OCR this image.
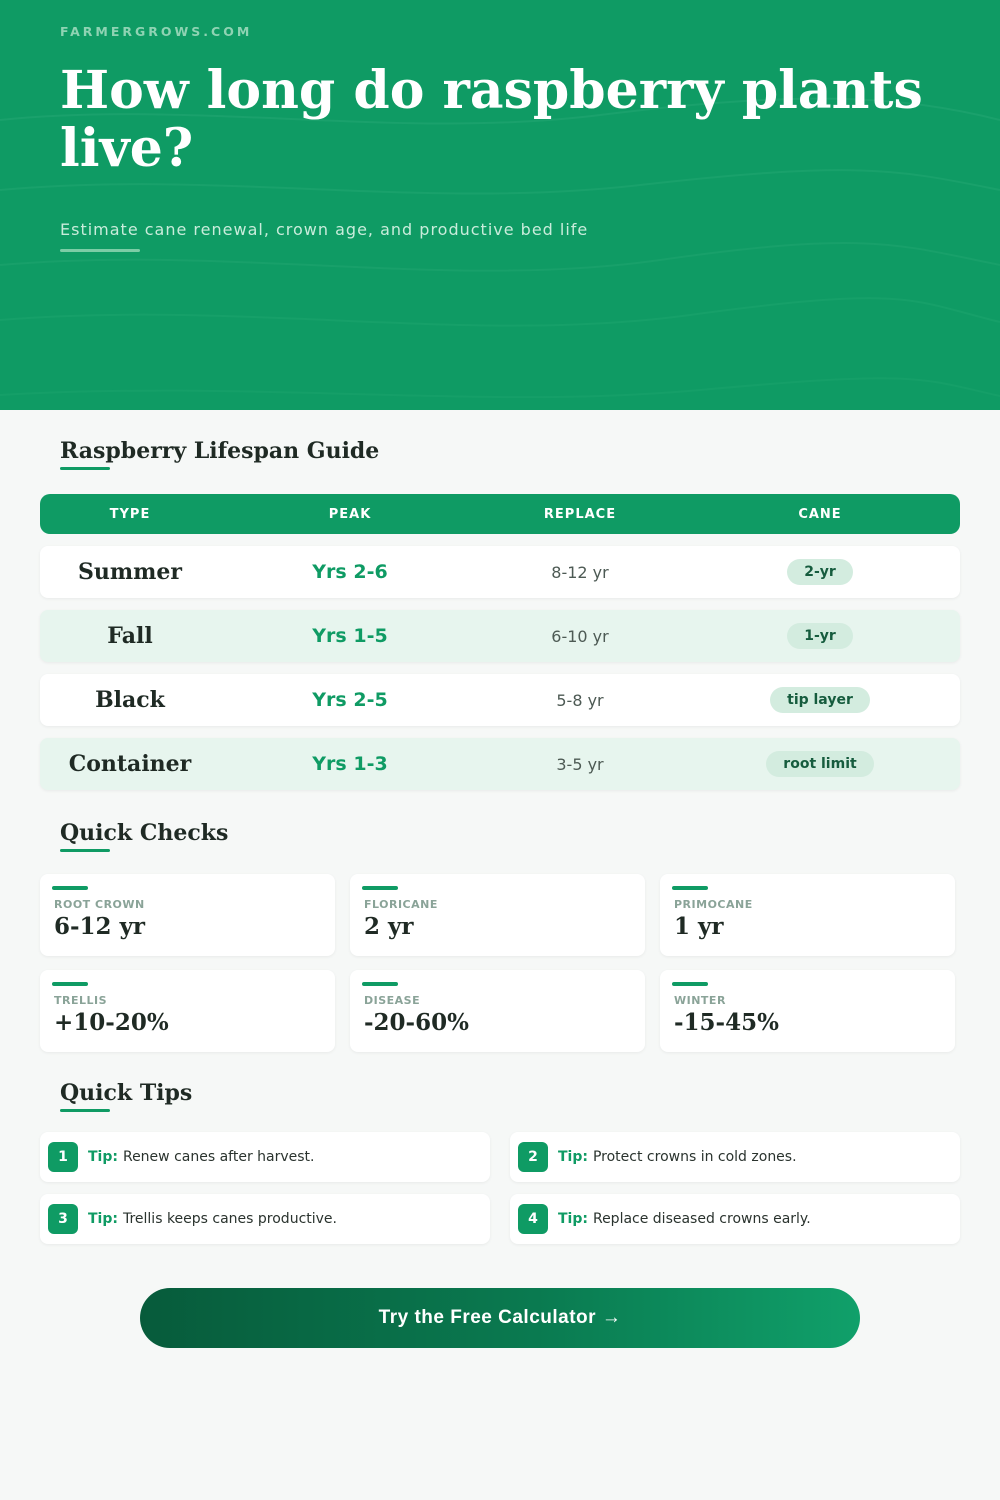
FARMERGROWS.COM
How long do raspberry plants live?

Estimate cane renewal, crown age, and productive bed life

Raspberry Lifespan Guide
TYPE	PEAK	REPLACE	CANE
Summer	Yrs 2-6	8-12 yr	2-yr
Fall	Yrs 1-5	6-10 yr	1-yr
Black	Yrs 2-5	5-8 yr	tip layer
Container	Yrs 1-3	3-5 yr	root limit
Quick Checks
ROOT CROWN
6-12 yr
FLORICANE
2 yr
PRIMOCANE
1 yr
TRELLIS
+10-20%
DISEASE
-20-60%
WINTER
-15-45%
Quick Tips
1	Tip: Renew canes after harvest.	2	Tip: Protect crowns in cold zones.
3	Tip: Trellis keeps canes productive.	4	Tip: Replace diseased crowns early.
Try the Free Calculator →
